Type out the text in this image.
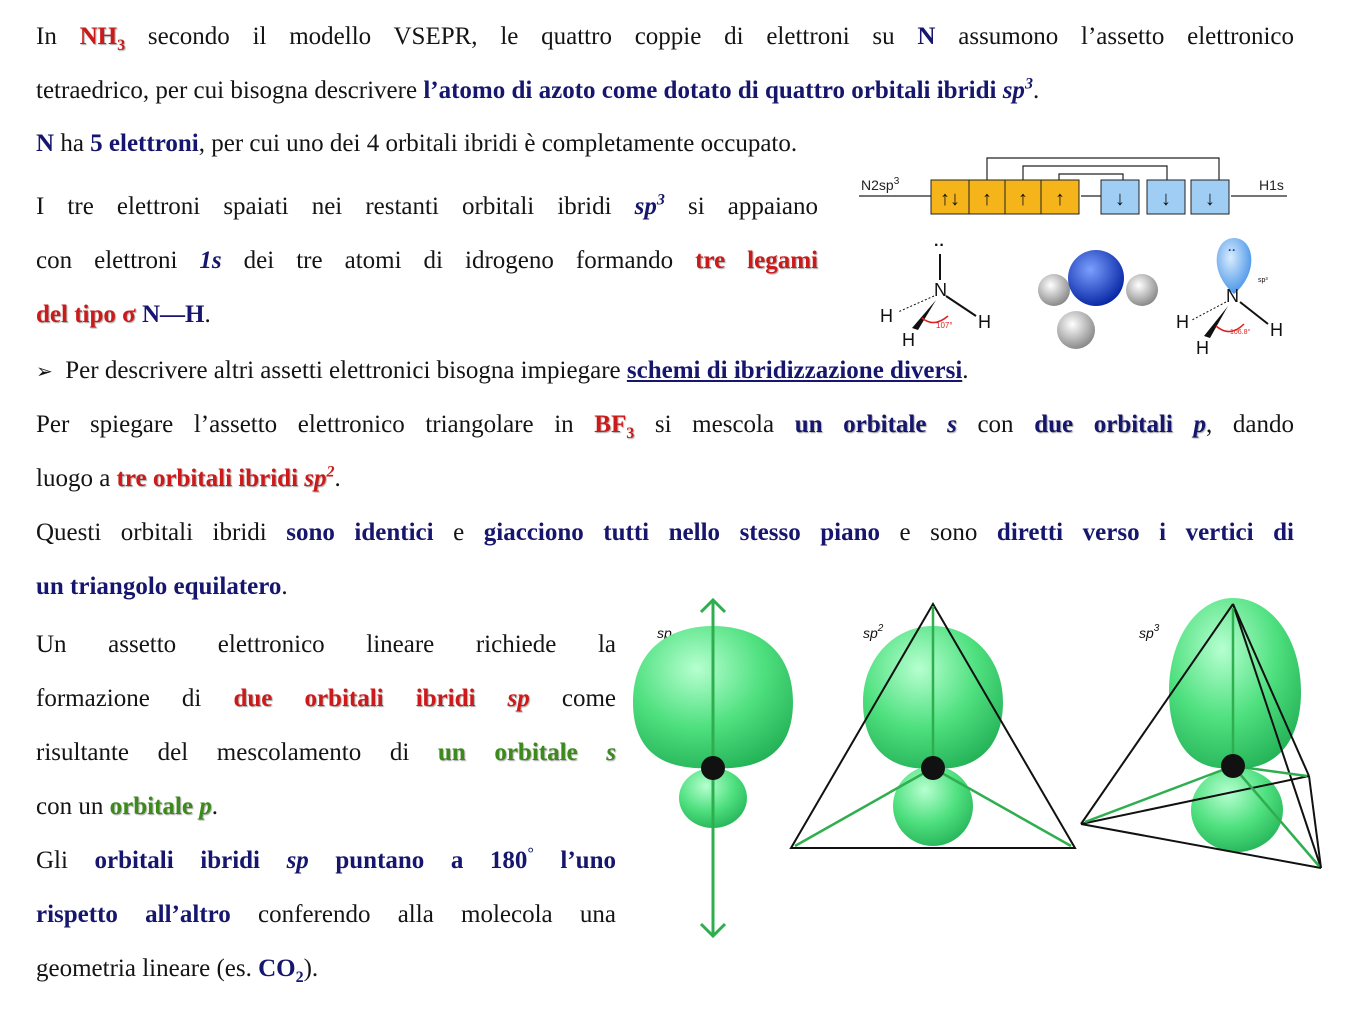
In $NH_3$ secondo il modello VSEPR, le quattro coppie di elettroni su N assumono l’assetto elettronico

tetraedrico, per cui bisogna descrivere l’atomo di azoto come dotato di quattro orbitali ibridi $sp^3$.

N ha 5 elettroni, per cui uno dei 4 orbitali ibridi è completamente occupato.

I tre elettroni spaiati nei restanti orbitali ibridi $sp^3$ si appaiano

con elettroni 1s dei tre atomi di idrogeno formando tre legami

del tipo σ N—H.

➢ Per descrivere altri assetti elettronici bisogna impiegare schemi di ibridizzazione diversi.

Per spiegare l’assetto elettronico triangolare in $BF_3$ si mescola un orbitale s con due orbitali p, dando

luogo a tre orbitali ibridi $sp^2$.

Questi orbitali ibridi sono identici e giacciono tutti nello stesso piano e sono diretti verso i vertici di

un triangolo equilatero.

Un assetto elettronico lineare richiede la

formazione di due orbitali ibridi sp come

risultante del mescolamento di un orbitale s

con un orbitale p.

Gli orbitali ibridi sp puntano a 180° l’uno

rispetto all’altro conferendo alla molecola una

geometria lineare (es. $CO_2$).

$N2sp^3$	H1s
↑↓ ↑ ↑ ↑	↓ ↓ ↓
··
N
107°
H	H
H
··
sp³
N
106.8°
H	H
H
sp	$sp^2$	$sp^3$
